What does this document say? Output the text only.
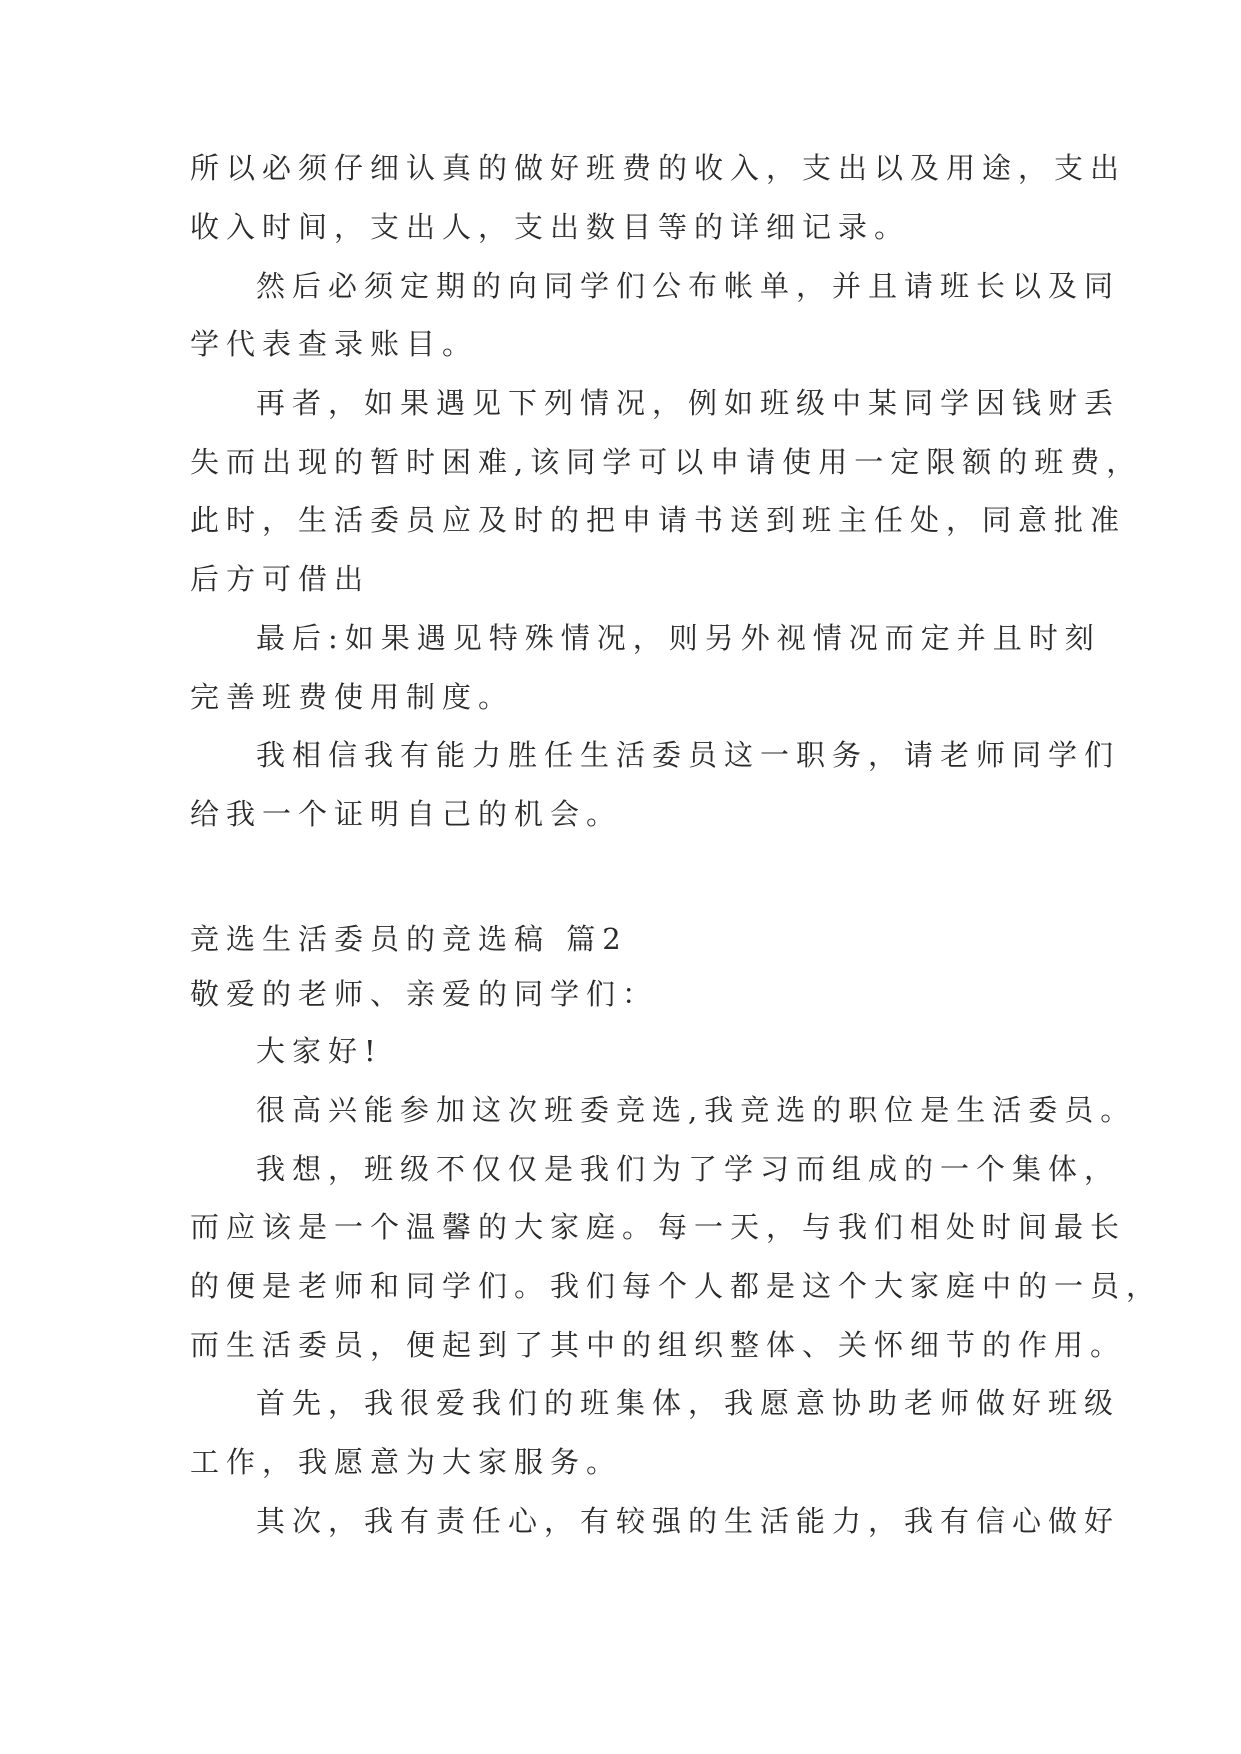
所以必须仔细认真的做好班费的收入，支出以及用途，支出
收入时间，支出人，支出数目等的详细记录。
然后必须定期的向同学们公布帐单，并且请班长以及同
学代表查录账目。
再者，如果遇见下列情况，例如班级中某同学因钱财丢
失而出现的暂时困难,该同学可以申请使用一定限额的班费，
此时，生活委员应及时的把申请书送到班主任处，同意批准
后方可借出
最后:如果遇见特殊情况，则另外视情况而定并且时刻
完善班费使用制度。
我相信我有能力胜任生活委员这一职务，请老师同学们
给我一个证明自己的机会。
竞选生活委员的竞选稿 篇2
敬爱的老师、亲爱的同学们：
大家好!
很高兴能参加这次班委竞选,我竞选的职位是生活委员。
我想，班级不仅仅是我们为了学习而组成的一个集体，
而应该是一个温馨的大家庭。每一天，与我们相处时间最长
的便是老师和同学们。我们每个人都是这个大家庭中的一员，
而生活委员，便起到了其中的组织整体、关怀细节的作用。
首先，我很爱我们的班集体，我愿意协助老师做好班级
工作，我愿意为大家服务。
其次，我有责任心，有较强的生活能力，我有信心做好
